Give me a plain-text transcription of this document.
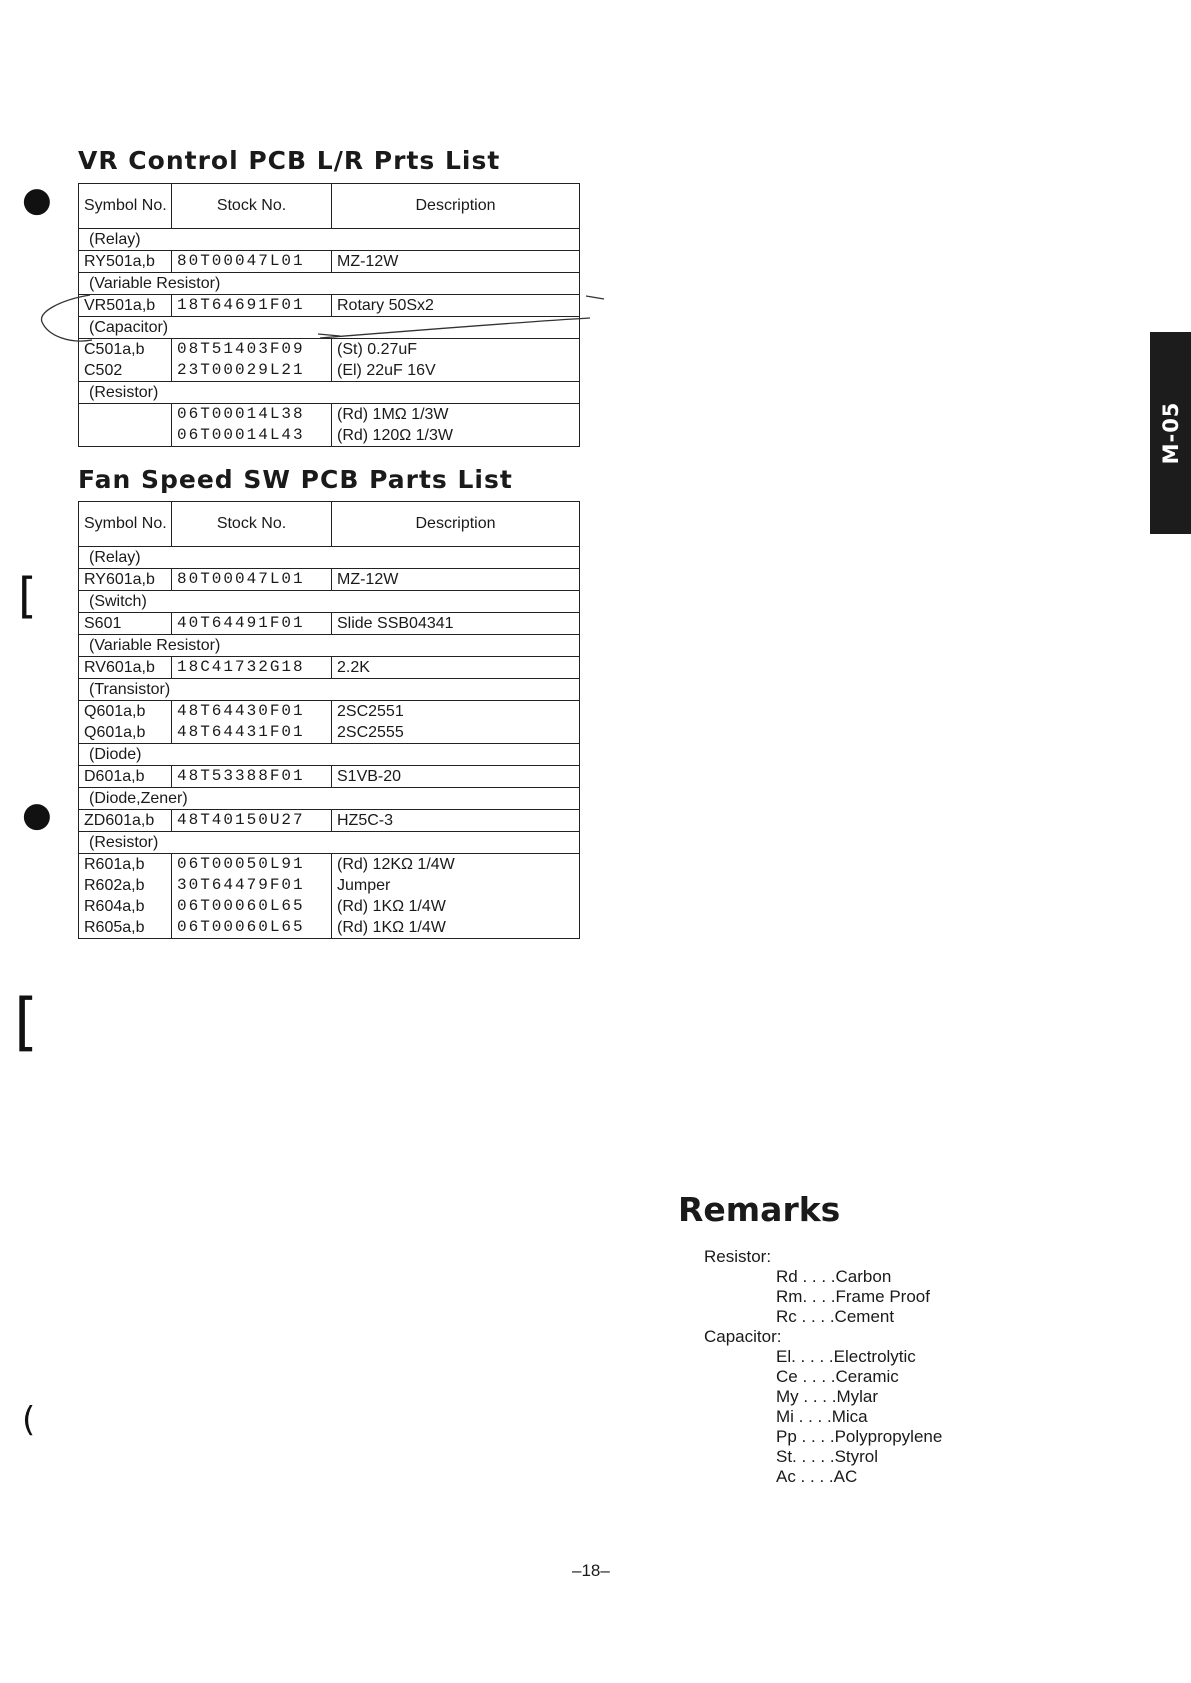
●
[
●
[
(
VR Control PCB L/R Prts List
Symbol No.	Stock No.	Description
(Relay)		
RY501a,b	80T00047L01	MZ-12W
(Variable Resistor)		
VR501a,b	18T64691F01	Rotary 50Sx2
(Capacitor)		
C501a,b	08T51403F09	(St) 0.27uF
C502	23T00029L21	(El) 22uF 16V
(Resistor)		
	06T00014L38	(Rd) 1MΩ 1/3W
	06T00014L43	(Rd) 120Ω 1/3W
Fan Speed SW PCB Parts List
Symbol No.	Stock No.	Description
(Relay)		
RY601a,b	80T00047L01	MZ-12W
(Switch)		
S601	40T64491F01	Slide SSB04341
(Variable Resistor)		
RV601a,b	18C41732G18	2.2K
(Transistor)		
Q601a,b	48T64430F01	2SC2551
Q601a,b	48T64431F01	2SC2555
(Diode)		
D601a,b	48T53388F01	S1VB-20
(Diode,Zener)		
ZD601a,b	48T40150U27	HZ5C-3
(Resistor)		
R601a,b	06T00050L91	(Rd) 12KΩ 1/4W
R602a,b	30T64479F01	Jumper
R604a,b	06T00060L65	(Rd) 1KΩ 1/4W
R605a,b	06T00060L65	(Rd) 1KΩ 1/4W
M-05
Remarks
Resistor:
Rd . . . .Carbon
Rm. . . .Frame Proof
Rc . . . .Cement
Capacitor:
El. . . . .Electrolytic
Ce . . . .Ceramic
My . . . .Mylar
Mi . . . .Mica
Pp . . . .Polypropylene
St. . . . .Styrol
Ac . . . .AC
–18–
